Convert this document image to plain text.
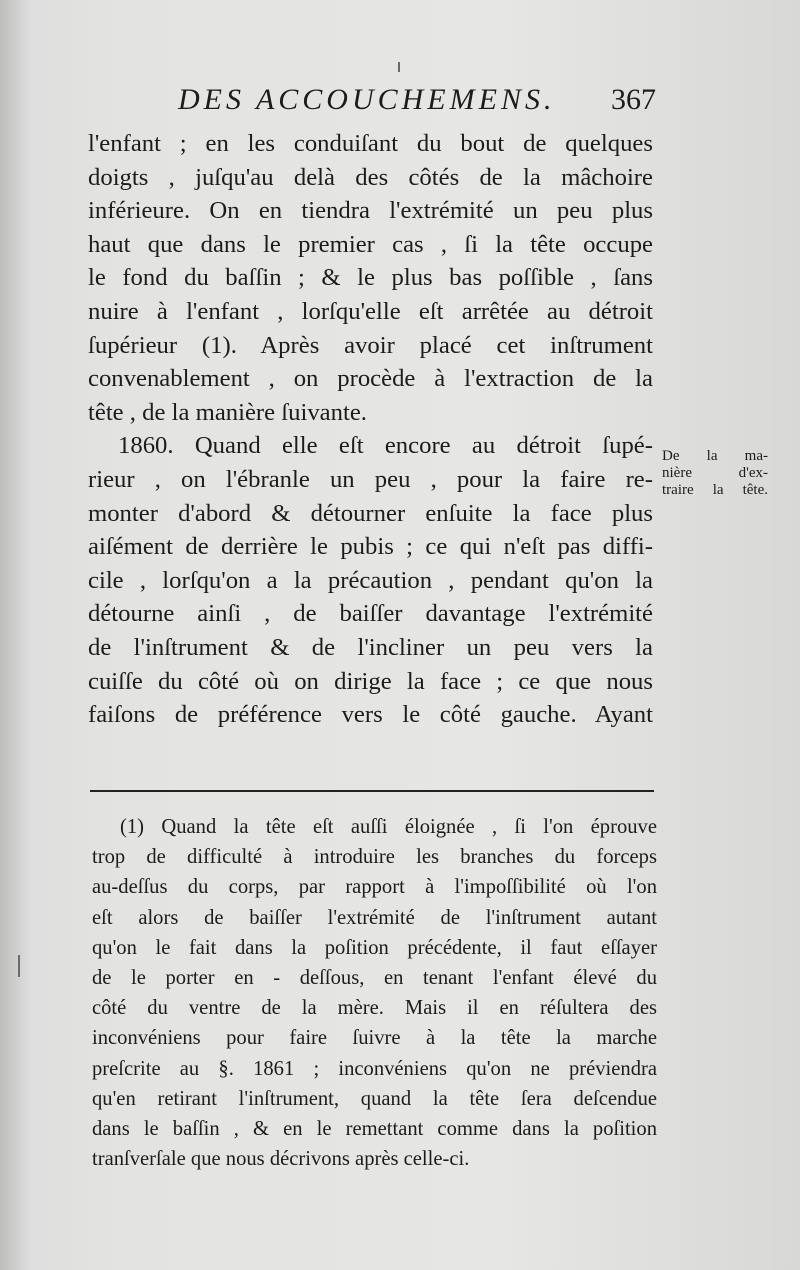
DES ACCOUCHEMENS. 367
l'enfant ; en les conduiſant du bout de quelques
doigts , juſqu'au delà des côtés de la mâchoire
inférieure. On en tiendra l'extrémité un peu plus
haut que dans le premier cas , ſi la tête occupe
le fond du baſſin ; & le plus bas poſſible , ſans
nuire à l'enfant , lorſqu'elle eſt arrêtée au détroit
ſupérieur (1). Après avoir placé cet inſtrument
convenablement , on procède à l'extraction de la
tête , de la manière ſuivante.
1860. Quand elle eſt encore au détroit ſupé-
rieur , on l'ébranle un peu , pour la faire re-
monter d'abord & détourner enſuite la face plus
aiſément de derrière le pubis ; ce qui n'eſt pas diffi-
cile , lorſqu'on a la précaution , pendant qu'on la
détourne ainſi , de baiſſer davantage l'extrémité
de l'inſtrument & de l'incliner un peu vers la
cuiſſe du côté où on dirige la face ; ce que nous
faiſons de préférence vers le côté gauche. Ayant
De la ma-
nière d'ex-
traire la tête.
(1) Quand la tête eſt auſſi éloignée , ſi l'on éprouve
trop de difficulté à introduire les branches du forceps
au-deſſus du corps, par rapport à l'impoſſibilité où l'on
eſt alors de baiſſer l'extrémité de l'inſtrument autant
qu'on le fait dans la poſition précédente, il faut eſſayer
de le porter en - deſſous, en tenant l'enfant élevé du
côté du ventre de la mère. Mais il en réſultera des
inconvéniens pour faire ſuivre à la tête la marche
preſcrite au §. 1861 ; inconvéniens qu'on ne préviendra
qu'en retirant l'inſtrument, quand la tête ſera deſcendue
dans le baſſin , & en le remettant comme dans la poſition
tranſverſale que nous décrivons après celle-ci.
